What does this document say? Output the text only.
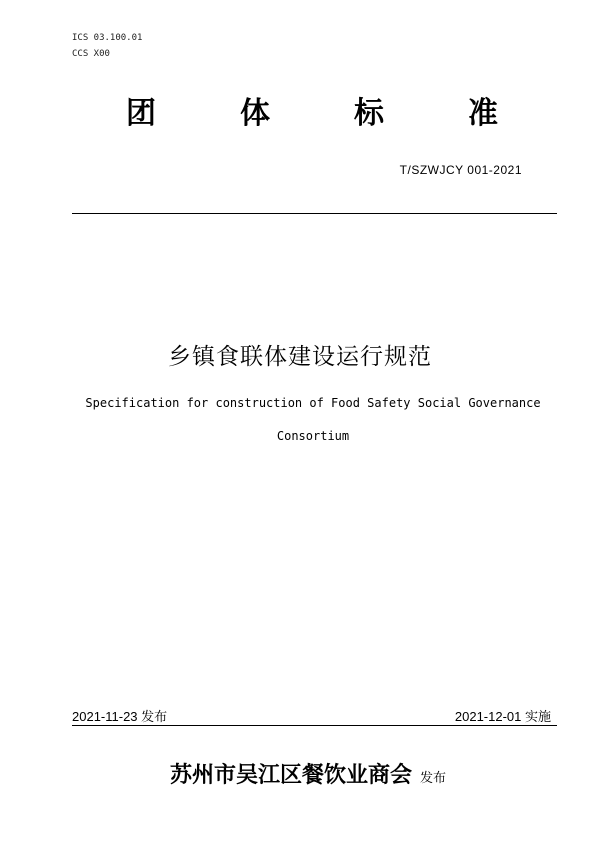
ICS 03.100.01
CCS X00
团	体	标	准
T/SZWJCY 001-2021
乡镇食联体建设运行规范
Specification for construction of Food Safety Social Governance
Consortium
2021-11-23 发布	2021-12-01 实施
苏州市吴江区餐饮业商会 发布
